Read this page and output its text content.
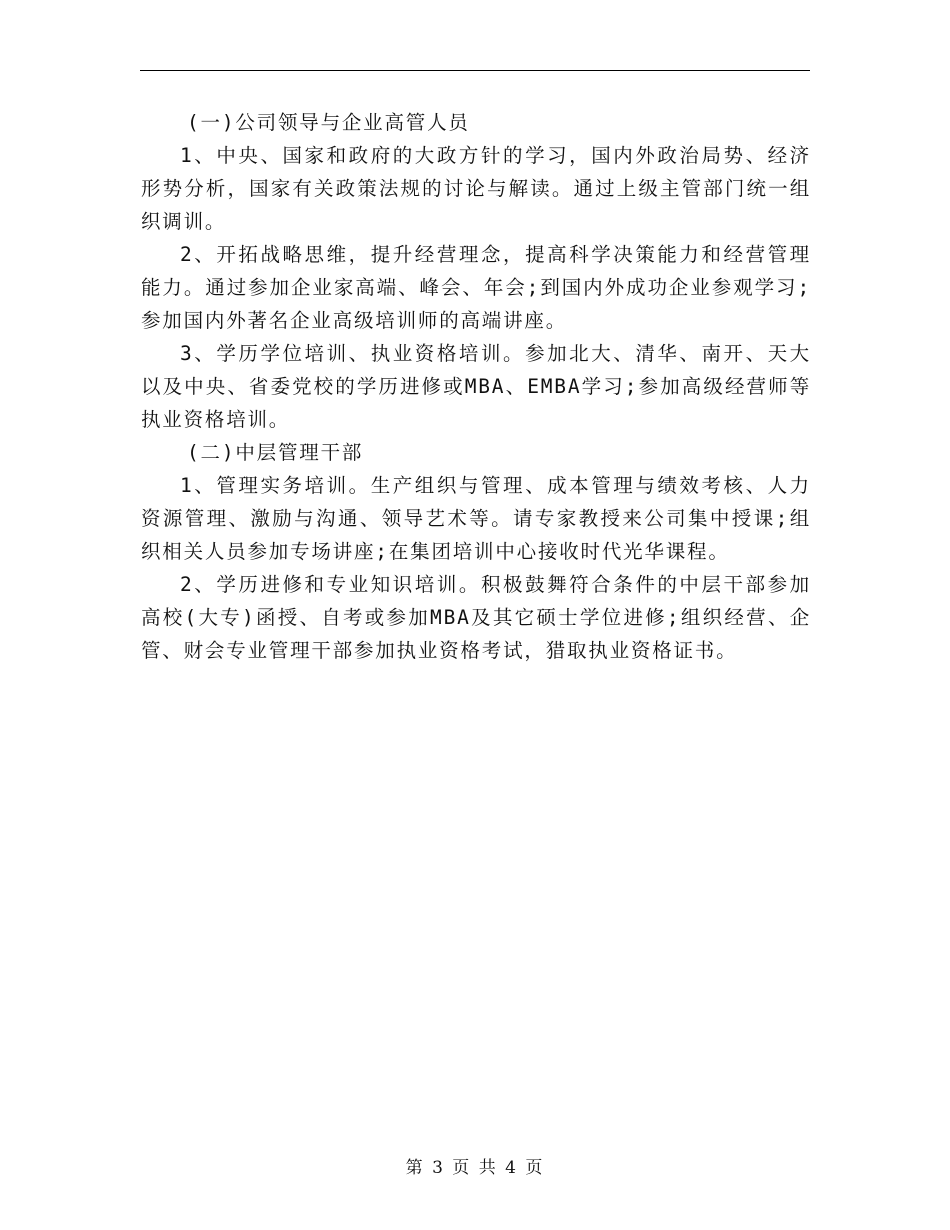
(一)公司领导与企业高管人员

1、中央、国家和政府的大政方针的学习，国内外政治局势、经济形势分析，国家有关政策法规的讨论与解读。通过上级主管部门统一组织调训。

2、开拓战略思维，提升经营理念，提高科学决策能力和经营管理能力。通过参加企业家高端、峰会、年会;到国内外成功企业参观学习;参加国内外著名企业高级培训师的高端讲座。

3、学历学位培训、执业资格培训。参加北大、清华、南开、天大以及中央、省委党校的学历进修或MBA、EMBA学习;参加高级经营师等执业资格培训。

(二)中层管理干部

1、管理实务培训。生产组织与管理、成本管理与绩效考核、人力资源管理、激励与沟通、领导艺术等。请专家教授来公司集中授课;组织相关人员参加专场讲座;在集团培训中心接收时代光华课程。

2、学历进修和专业知识培训。积极鼓舞符合条件的中层干部参加高校(大专)函授、自考或参加MBA及其它硕士学位进修;组织经营、企管、财会专业管理干部参加执业资格考试，猎取执业资格证书。

第 3 页 共 4 页
